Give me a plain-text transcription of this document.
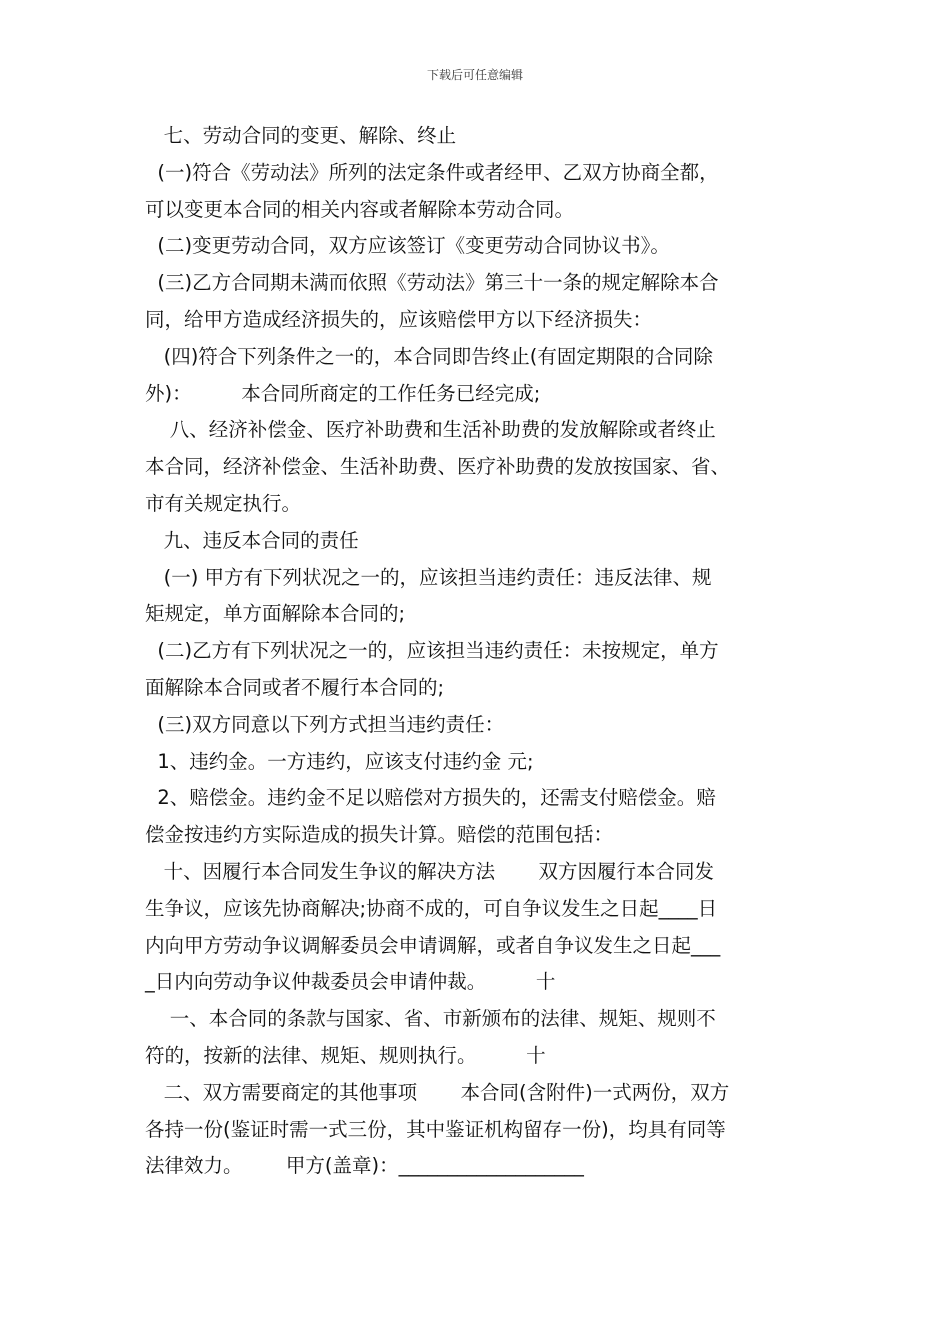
下载后可任意编辑
七、劳动合同的变更、解除、终止
(一)符合《劳动法》所列的法定条件或者经甲、乙双方协商全都，
可以变更本合同的相关内容或者解除本劳动合同。
(二)变更劳动合同，双方应该签订《变更劳动合同协议书》。
(三)乙方合同期未满而依照《劳动法》第三十一条的规定解除本合
同，给甲方造成经济损失的，应该赔偿甲方以下经济损失：
(四)符合下列条件之一的，本合同即告终止(有固定期限的合同除
外)：        本合同所商定的工作任务已经完成;
八、经济补偿金、医疗补助费和生活补助费的发放解除或者终止
本合同，经济补偿金、生活补助费、医疗补助费的发放按国家、省、
市有关规定执行。
九、违反本合同的责任
(一) 甲方有下列状况之一的，应该担当违约责任：违反法律、规
矩规定，单方面解除本合同的;
(二)乙方有下列状况之一的，应该担当违约责任：未按规定，单方
面解除本合同或者不履行本合同的;
(三)双方同意以下列方式担当违约责任：
1、违约金。一方违约，应该支付违约金 元;
2、赔偿金。违约金不足以赔偿对方损失的，还需支付赔偿金。赔
偿金按违约方实际造成的损失计算。赔偿的范围包括：
十、因履行本合同发生争议的解决方法       双方因履行本合同发
生争议，应该先协商解决;协商不成的，可自争议发生之日起____日
内向甲方劳动争议调解委员会申请调解，或者自争议发生之日起___
_日内向劳动争议仲裁委员会申请仲裁。        十
一、本合同的条款与国家、省、市新颁布的法律、规矩、规则不
符的，按新的法律、规矩、规则执行。        十
二、双方需要商定的其他事项       本合同(含附件)一式两份，双方
各持一份(鉴证时需一式三份，其中鉴证机构留存一份)，均具有同等
法律效力。       甲方(盖章)：___________________
